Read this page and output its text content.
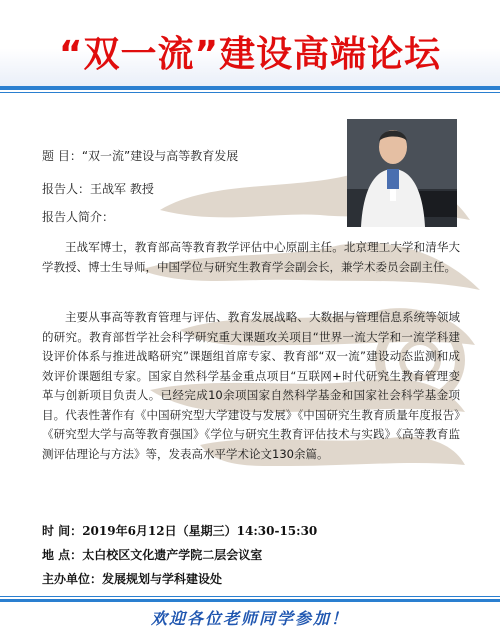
“双一流”建设高端论坛
题 目：“双一流”建设与高等教育发展
报告人：王战军 教授
报告人简介：
王战军博士，教育部高等教育教学评估中心原副主任。北京理工大学和清华大学教授、博士生导师，中国学位与研究生教育学会副会长，兼学术委员会副主任。
主要从事高等教育管理与评估、教育发展战略、大数据与管理信息系统等领域的研究。教育部哲学社会科学研究重大课题攻关项目“世界一流大学和一流学科建设评价体系与推进战略研究”课题组首席专家、教育部“双一流”建设动态监测和成效评价课题组专家。国家自然科学基金重点项目“互联网+时代研究生教育管理变革与创新项目负责人。已经完成10余项国家自然科学基金和国家社会科学基金项目。代表性著作有《中国研究型大学建设与发展》《中国研究生教育质量年度报告》《研究型大学与高等教育强国》《学位与研究生教育评估技术与实践》《高等教育监测评估理论与方法》等，发表高水平学术论文130余篇。
时 间：2019年6月12日（星期三）14:30-15:30
地 点：太白校区文化遗产学院二层会议室
主办单位：发展规划与学科建设处
欢迎各位老师同学参加！
